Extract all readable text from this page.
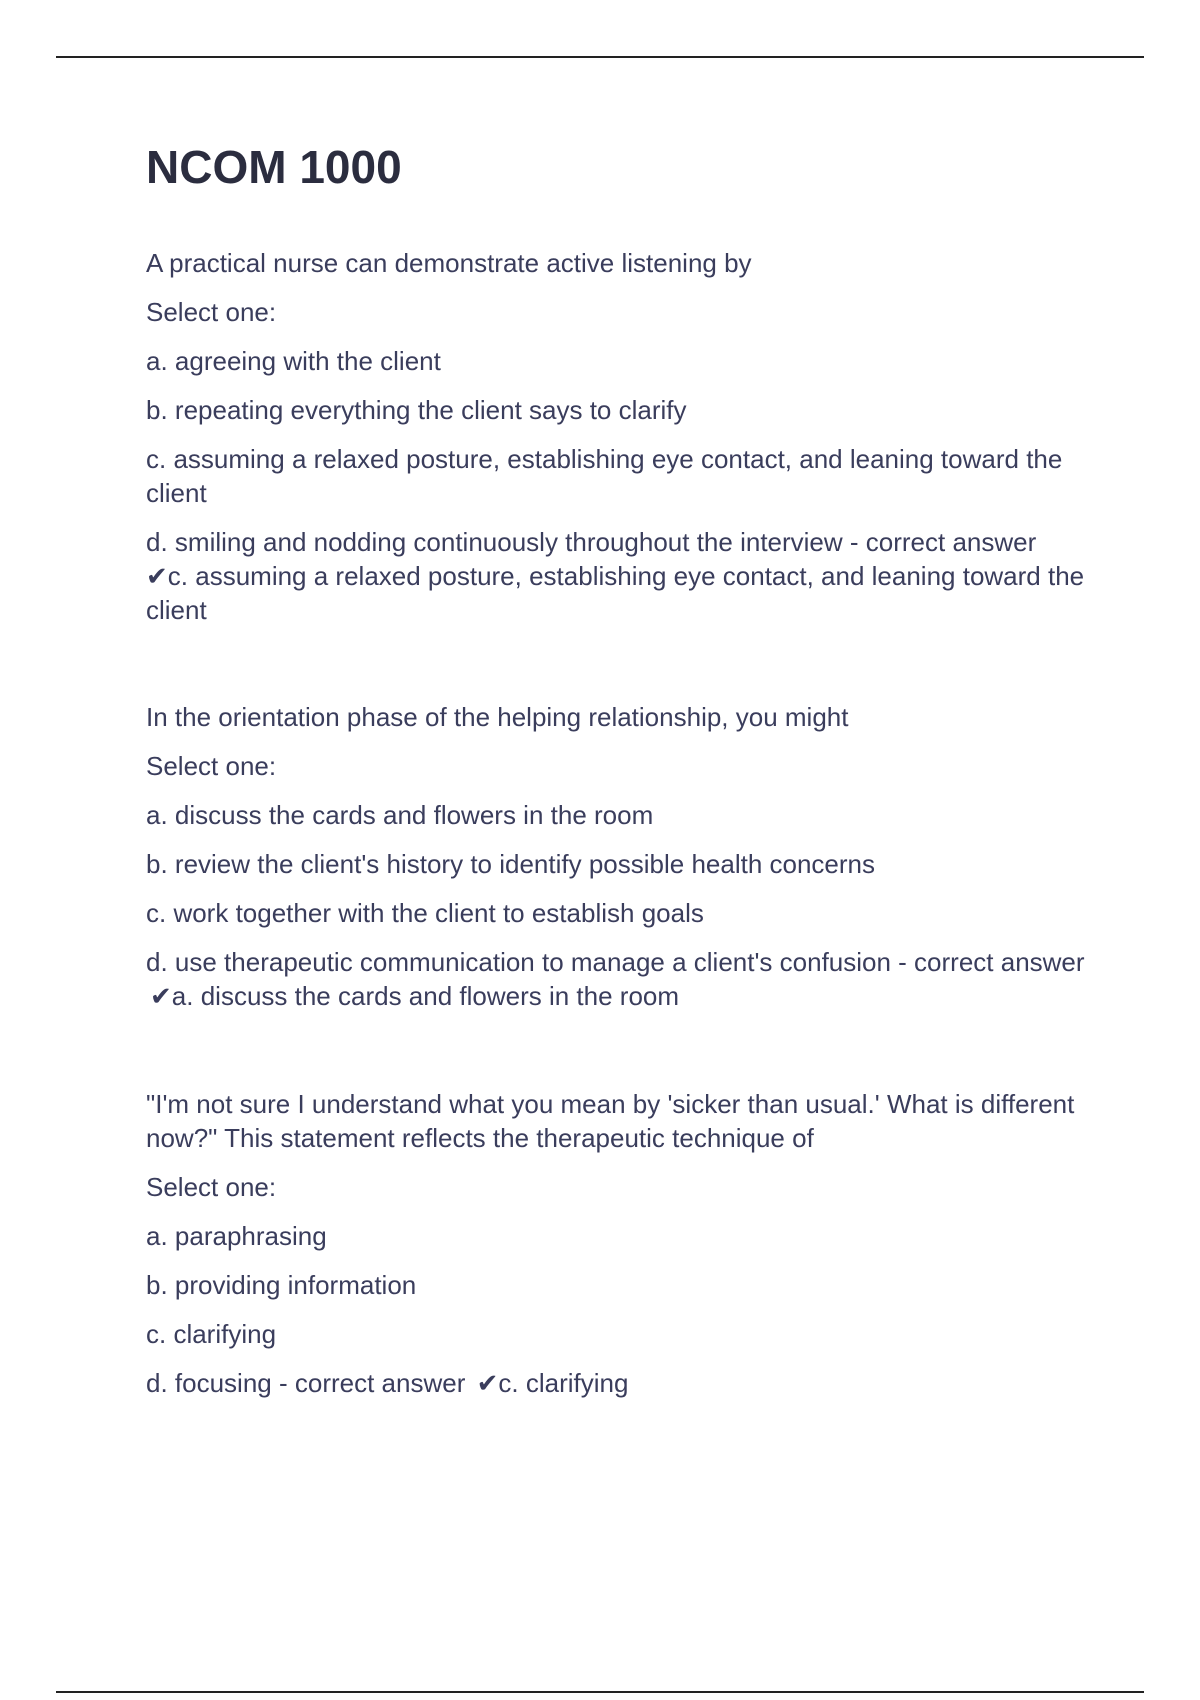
NCOM 1000

A practical nurse can demonstrate active listening by

Select one:

a. agreeing with the client

b. repeating everything the client says to clarify

c. assuming a relaxed posture, establishing eye contact, and leaning toward the client

d. smiling and nodding continuously throughout the interview - correct answer
✔c. assuming a relaxed posture, establishing eye contact, and leaning toward the client

In the orientation phase of the helping relationship, you might

Select one:

a. discuss the cards and flowers in the room

b. review the client's history to identify possible health concerns

c. work together with the client to establish goals

d. use therapeutic communication to manage a client's confusion - correct answer ✔a. discuss the cards and flowers in the room

"I'm not sure I understand what you mean by 'sicker than usual.' What is different now?" This statement reflects the therapeutic technique of

Select one:

a. paraphrasing

b. providing information

c. clarifying

d. focusing - correct answer ✔c. clarifying
